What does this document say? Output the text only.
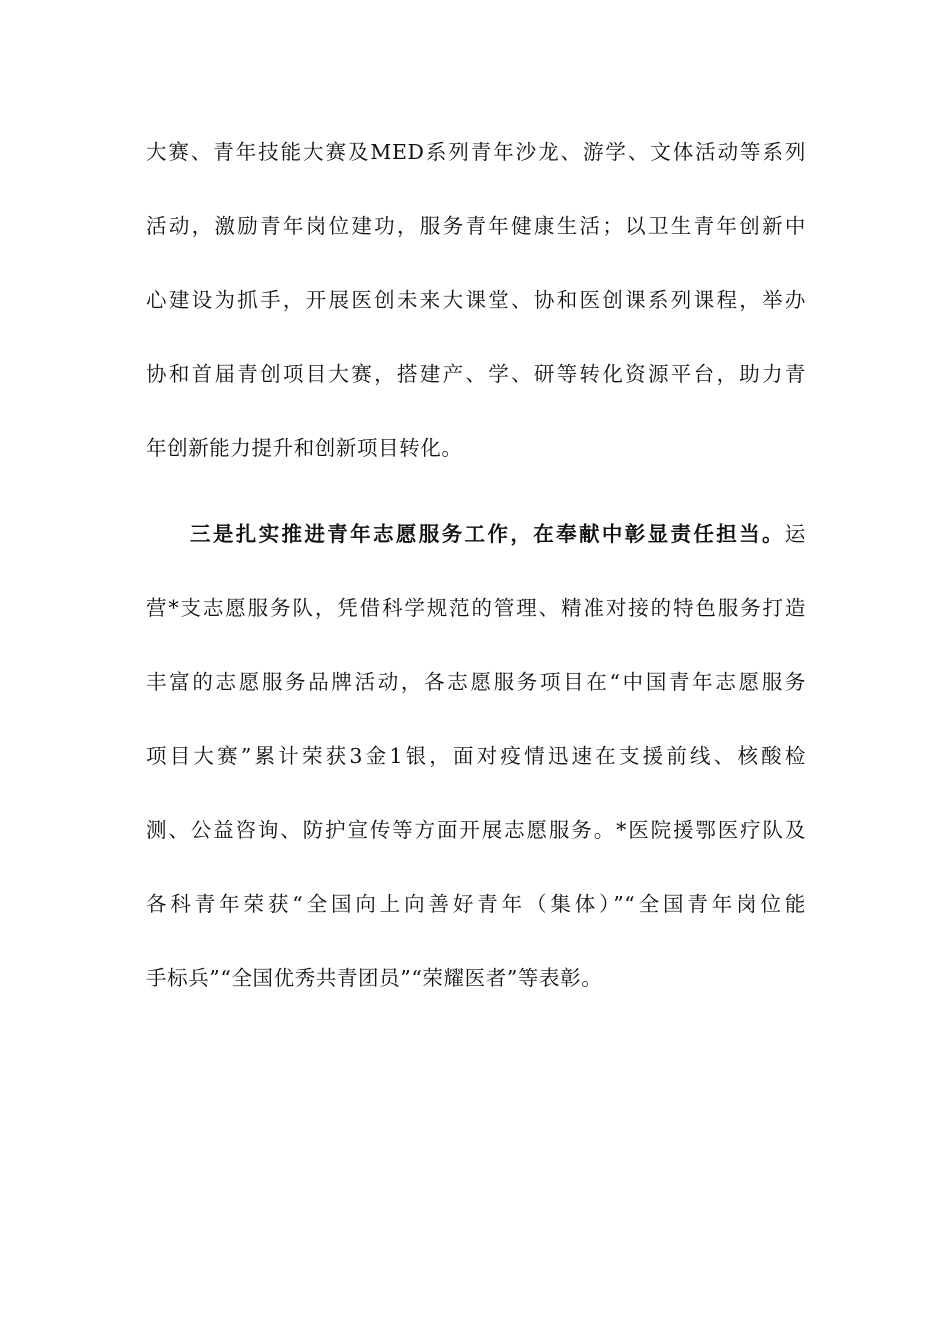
大赛、青年技能大赛及MED系列青年沙龙、游学、文体活动等系列
活动，激励青年岗位建功，服务青年健康生活；以卫生青年创新中
心建设为抓手，开展医创未来大课堂、协和医创课系列课程，举办
协和首届青创项目大赛，搭建产、学、研等转化资源平台，助力青
年创新能力提升和创新项目转化。
三是扎实推进青年志愿服务工作，在奉献中彰显责任担当。运
营*支志愿服务队，凭借科学规范的管理、精准对接的特色服务打造
丰富的志愿服务品牌活动，各志愿服务项目在“中国青年志愿服务
项目大赛”累计荣获3金1银，面对疫情迅速在支援前线、核酸检
测、公益咨询、防护宣传等方面开展志愿服务。*医院援鄂医疗队及
各科青年荣获“全国向上向善好青年（集体）”“全国青年岗位能
手标兵”“全国优秀共青团员”“荣耀医者”等表彰。
